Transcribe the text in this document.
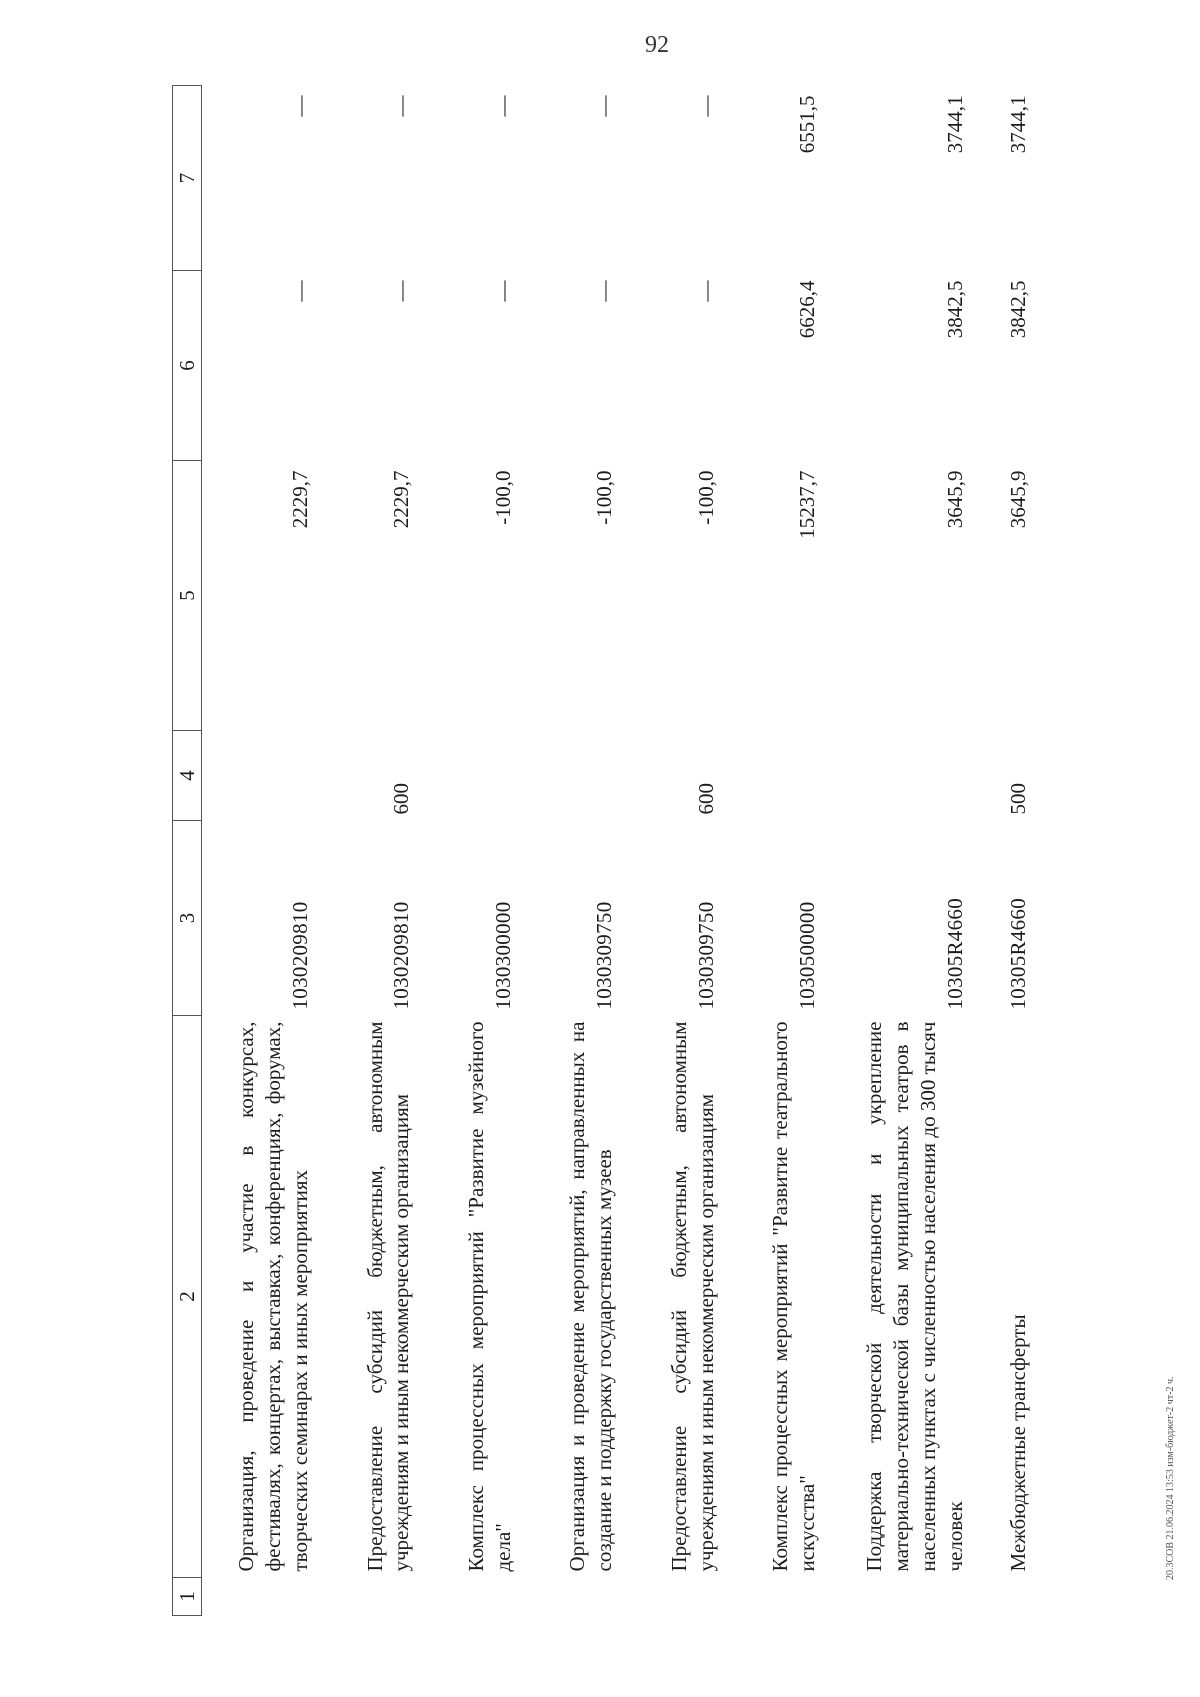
92
20.3СОВ 21.06.2024 13:53 изм-бюджет-2 чт-2 ч.
1	2	3	4	5	6	7
	Организация, проведение и участие в конкурсах, фестивалях, концертах, выставках, конференциях, форумах, творческих семинарах и иных мероприятиях	1030209810		2229,7	—	—
	Предоставление субсидий бюджетным, автономным учреждениям и иным некоммерческим организациям	1030209810	600	2229,7	—	—
	Комплекс процессных мероприятий "Развитие музейного дела"	1030300000		-100,0	—	—
	Организация и проведение мероприятий, направленных на создание и поддержку государственных музеев	1030309750		-100,0	—	—
	Предоставление субсидий бюджетным, автономным учреждениям и иным некоммерческим организациям	1030309750	600	-100,0	—	—
	Комплекс процессных мероприятий "Развитие театрального искусства"	1030500000		15237,7	6626,4	6551,5
	Поддержка творческой деятельности и укрепление материально-технической базы муниципальных театров в населенных пунктах с численностью населения до 300 тысяч человек	10305R4660		3645,9	3842,5	3744,1
	Межбюджетные трансферты	10305R4660	500	3645,9	3842,5	3744,1
